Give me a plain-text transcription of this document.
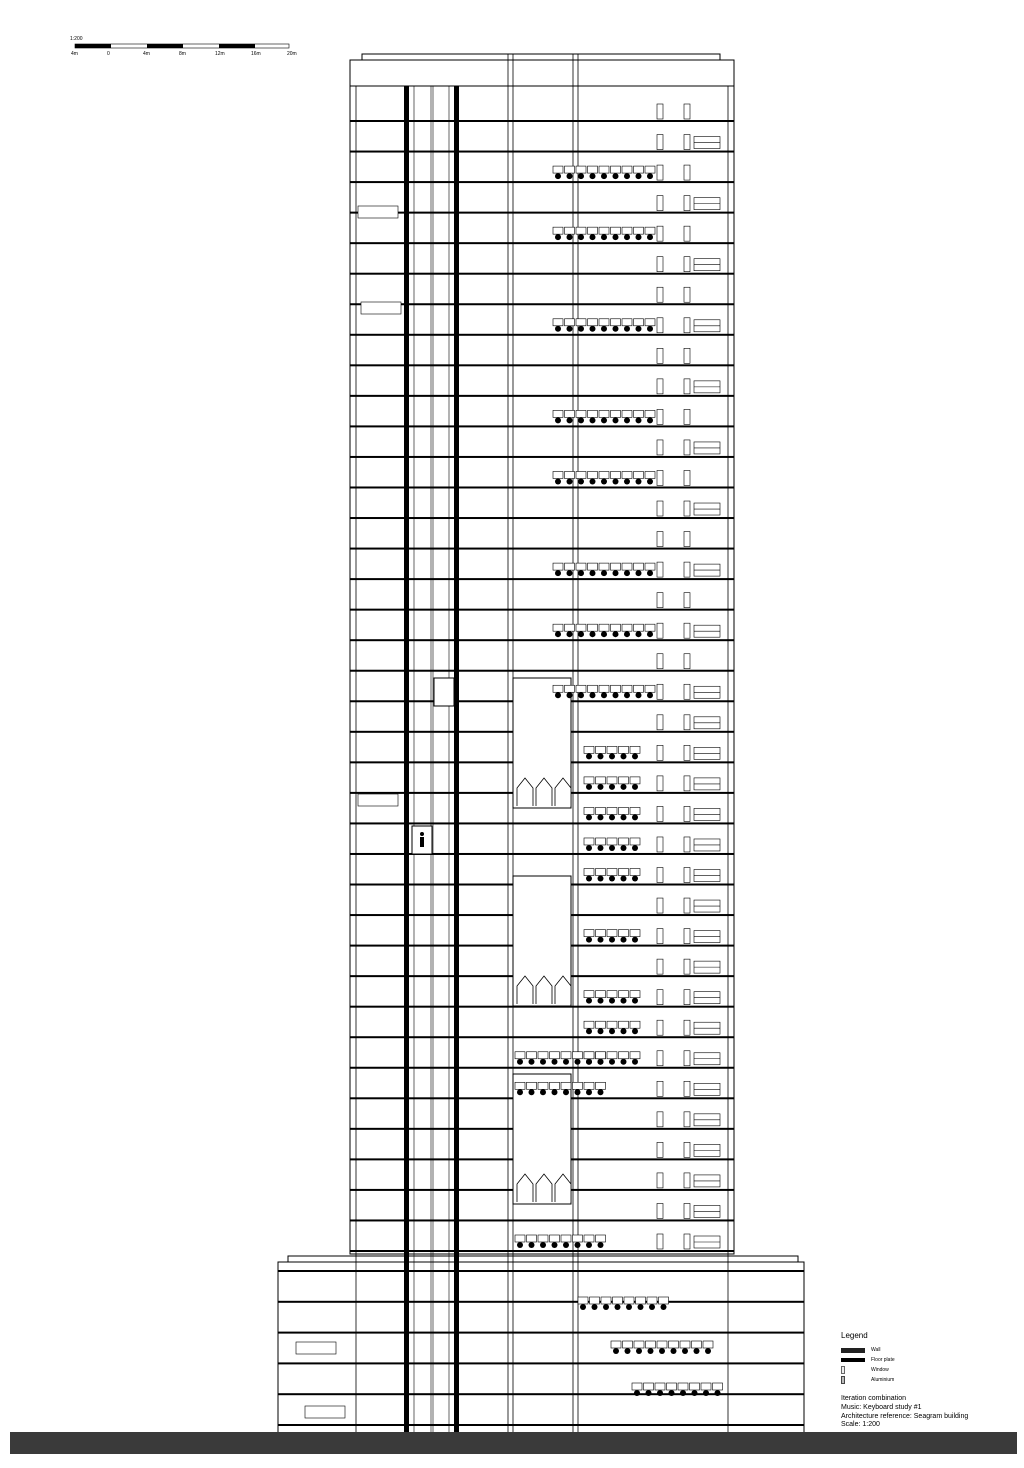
1:200
4m	0	4m	8m	12m	16m	20m
Legend
Wall
Floor plate
Window
Aluminium
Iteration combination
Music: Keyboard study #1
Architecture reference: Seagram building
Scale: 1:200
